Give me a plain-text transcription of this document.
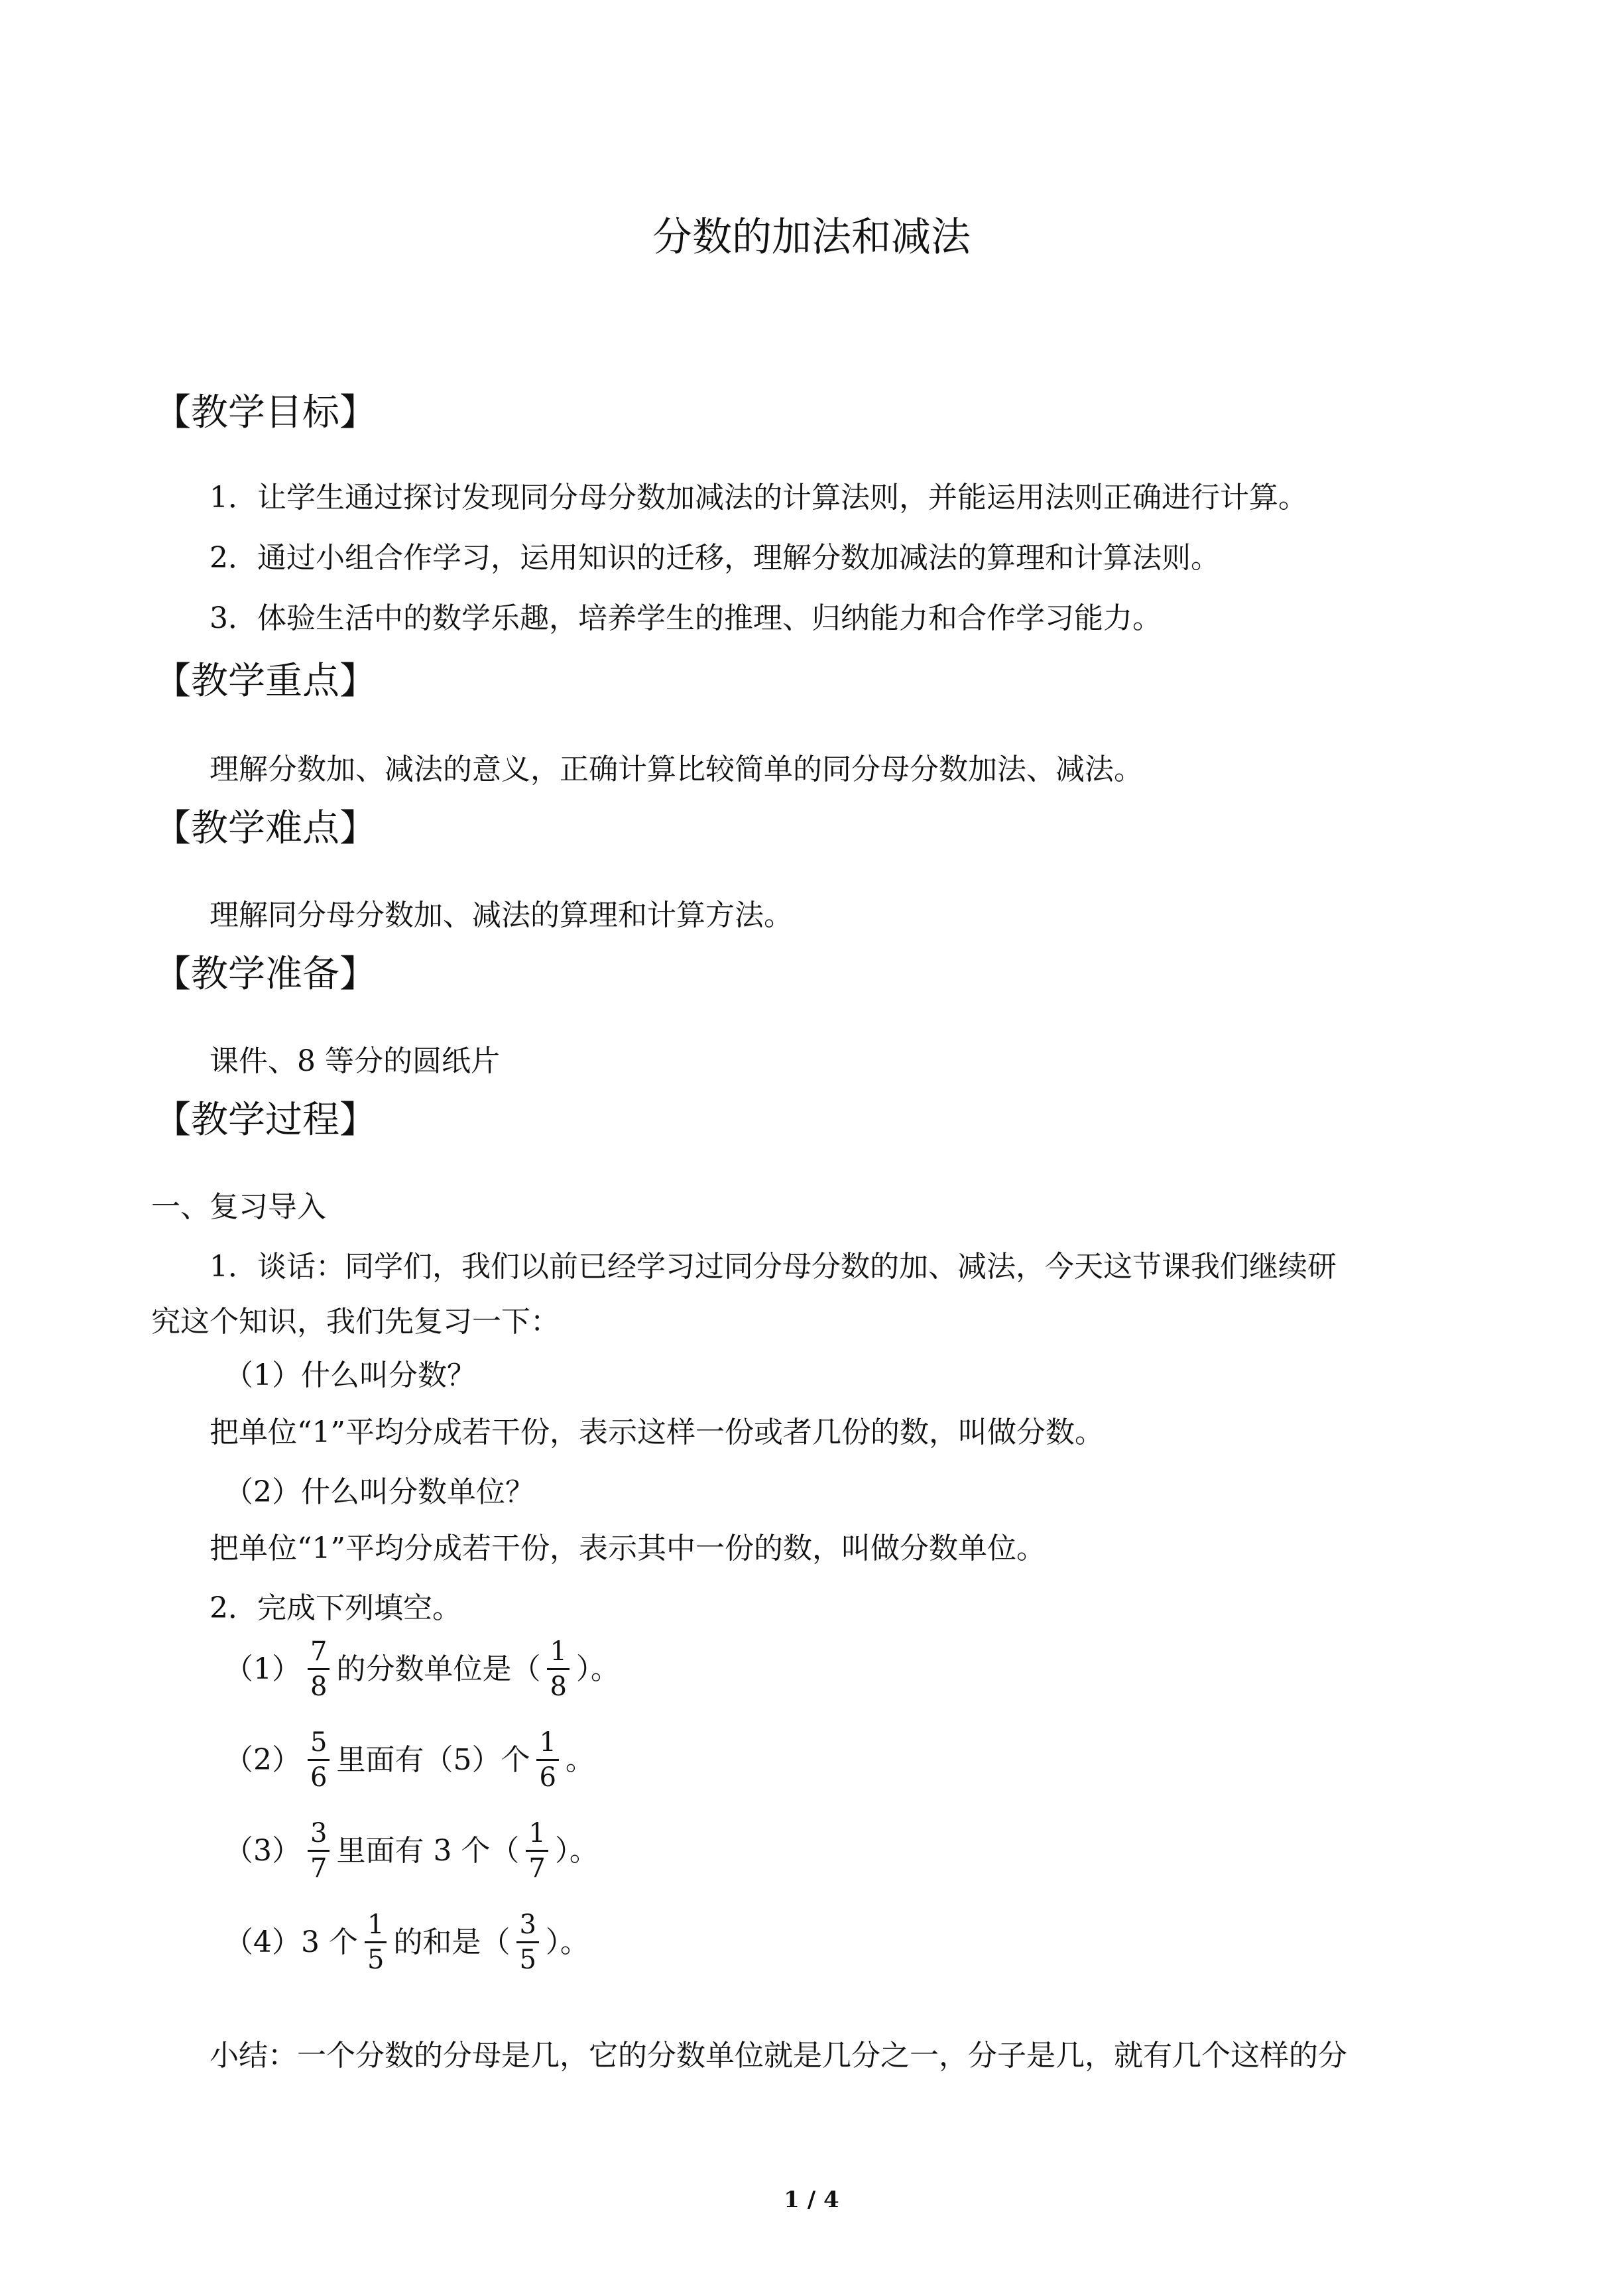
分数的加法和减法
【教学目标】
1．让学生通过探讨发现同分母分数加减法的计算法则，并能运用法则正确进行计算。
2．通过小组合作学习，运用知识的迁移，理解分数加减法的算理和计算法则。
3．体验生活中的数学乐趣，培养学生的推理、归纳能力和合作学习能力。
【教学重点】
理解分数加、减法的意义，正确计算比较简单的同分母分数加法、减法。
【教学难点】
理解同分母分数加、减法的算理和计算方法。
【教学准备】
课件、8 等分的圆纸片
【教学过程】
一、复习导入
1．谈话：同学们，我们以前已经学习过同分母分数的加、减法，今天这节课我们继续研
究这个知识，我们先复习一下：
（1）什么叫分数？
把单位“1”平均分成若干份，表示这样一份或者几份的数，叫做分数。
（2）什么叫分数单位？
把单位“1”平均分成若干份，表示其中一份的数，叫做分数单位。
2．完成下列填空。
$(1) \frac{7}{8}$ 的分数单位是（ $\frac{1}{8}$ ）。
$(2) \frac{5}{6}$ 里面有（5）个 $\frac{1}{6}$ 。
$(3) \frac{3}{7}$ 里面有 3 个（ $\frac{1}{7}$ ）。
（4）3 个 $\frac{1}{5}$ 的和是（ $\frac{3}{5}$ ）。
小结：一个分数的分母是几，它的分数单位就是几分之一，分子是几，就有几个这样的分
1 / 4
